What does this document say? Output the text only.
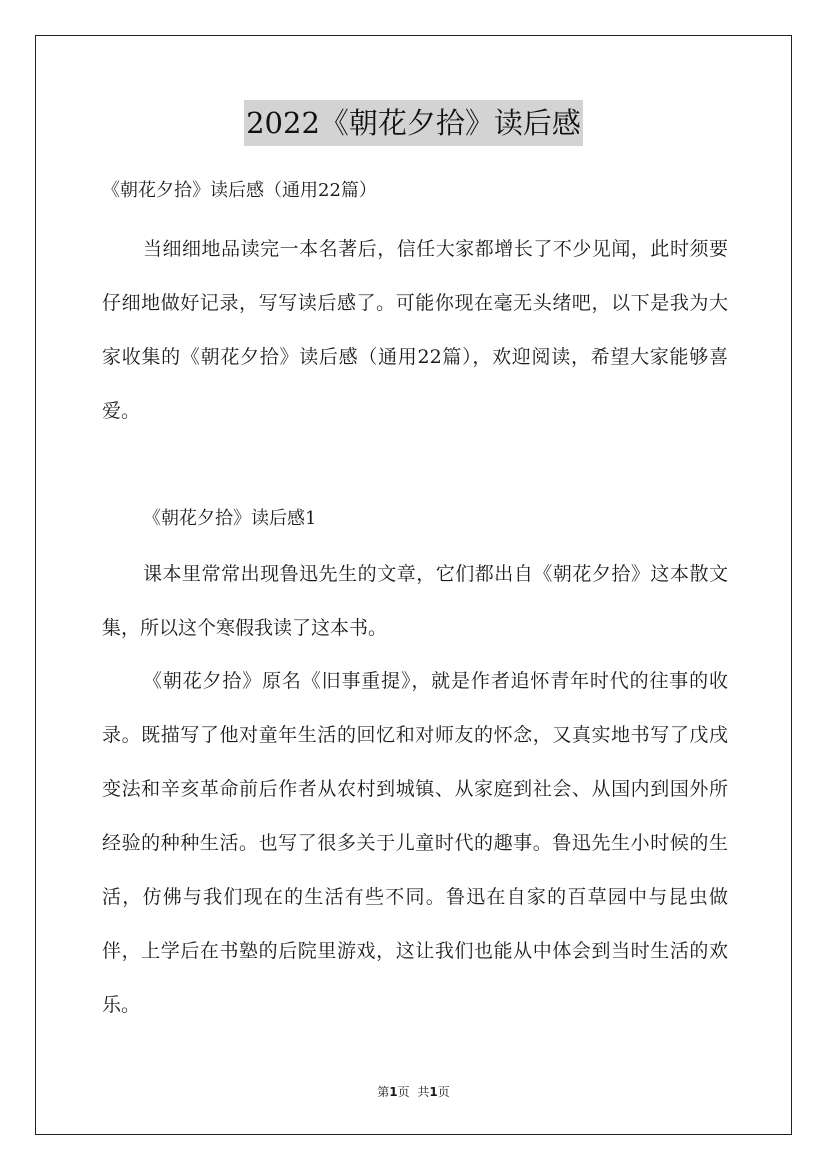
2022《朝花夕拾》读后感

《朝花夕拾》读后感（通用22篇）

当细细地品读完一本名著后，信任大家都增长了不少见闻，此时须要仔细地做好记录，写写读后感了。可能你现在毫无头绪吧，以下是我为大家收集的《朝花夕拾》读后感（通用22篇），欢迎阅读，希望大家能够喜爱。

《朝花夕拾》读后感1

课本里常常出现鲁迅先生的文章，它们都出自《朝花夕拾》这本散文集，所以这个寒假我读了这本书。

《朝花夕拾》原名《旧事重提》，就是作者追怀青年时代的往事的收录。既描写了他对童年生活的回忆和对师友的怀念，又真实地书写了戊戌变法和辛亥革命前后作者从农村到城镇、从家庭到社会、从国内到国外所经验的种种生活。也写了很多关于儿童时代的趣事。鲁迅先生小时候的生活，仿佛与我们现在的生活有些不同。鲁迅在自家的百草园中与昆虫做伴，上学后在书塾的后院里游戏，这让我们也能从中体会到当时生活的欢乐。

第1页 共1页
